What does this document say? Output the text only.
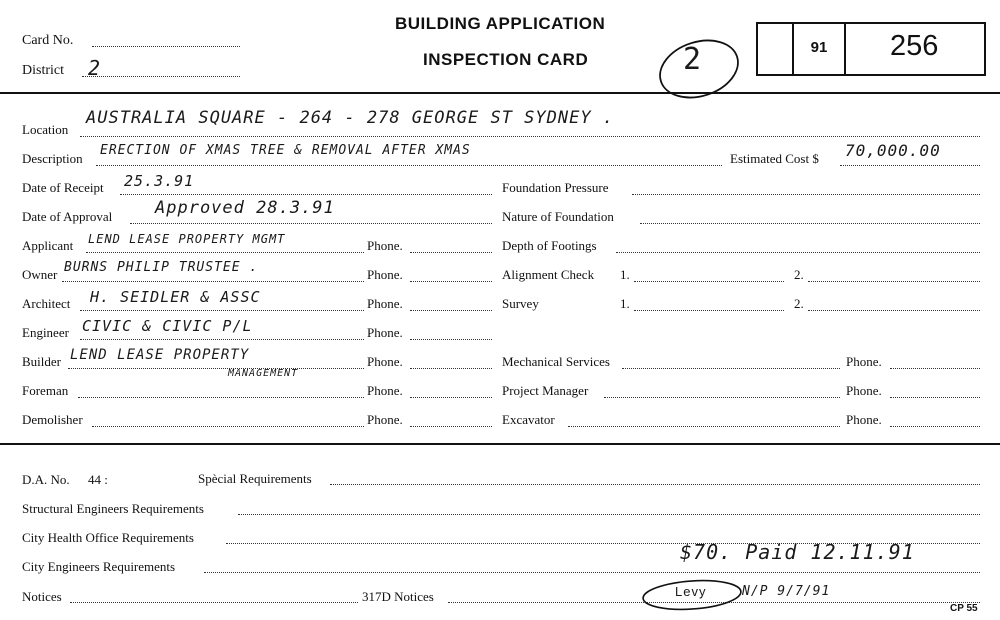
Card No.
District 2
BUILDING APPLICATION
INSPECTION CARD	2	91	256
Location
AUSTRALIA SQUARE - 264 - 278 GEORGE ST SYDNEY .
Description
ERECTION OF XMAS TREE & REMOVAL AFTER XMAS
Estimated Cost $ 70,000.00
Date of Receipt 25.3.91
Date of Approval	Approved 28.3.91
Applicant LEND LEASE PROPERTY MGMT	Phone.
Owner BURNS PHILIP TRUSTEE .	Phone.
Architect H. SEIDLER & ASSC	Phone.
Engineer CIVIC & CIVIC P/L	Phone.
Builder LEND LEASE PROPERTY
MANAGEMENT
Phone.
Foreman	Phone.
Demolisher	Phone.
Foundation Pressure
Nature of Foundation
Depth of Footings
Alignment Check 1.	2.
Survey	1.	2.
Mechanical Services	Phone.
Project Manager	Phone.
Excavator	Phone.
D.A. No. 44 :	Spècial Requirements
Structural Engineers Requirements
City Health Office Requirements
City Engineers Requirements
$70. Paid 12.11.91
Notices	317D Notices	Levy	N/P 9/7/91
CP 55
